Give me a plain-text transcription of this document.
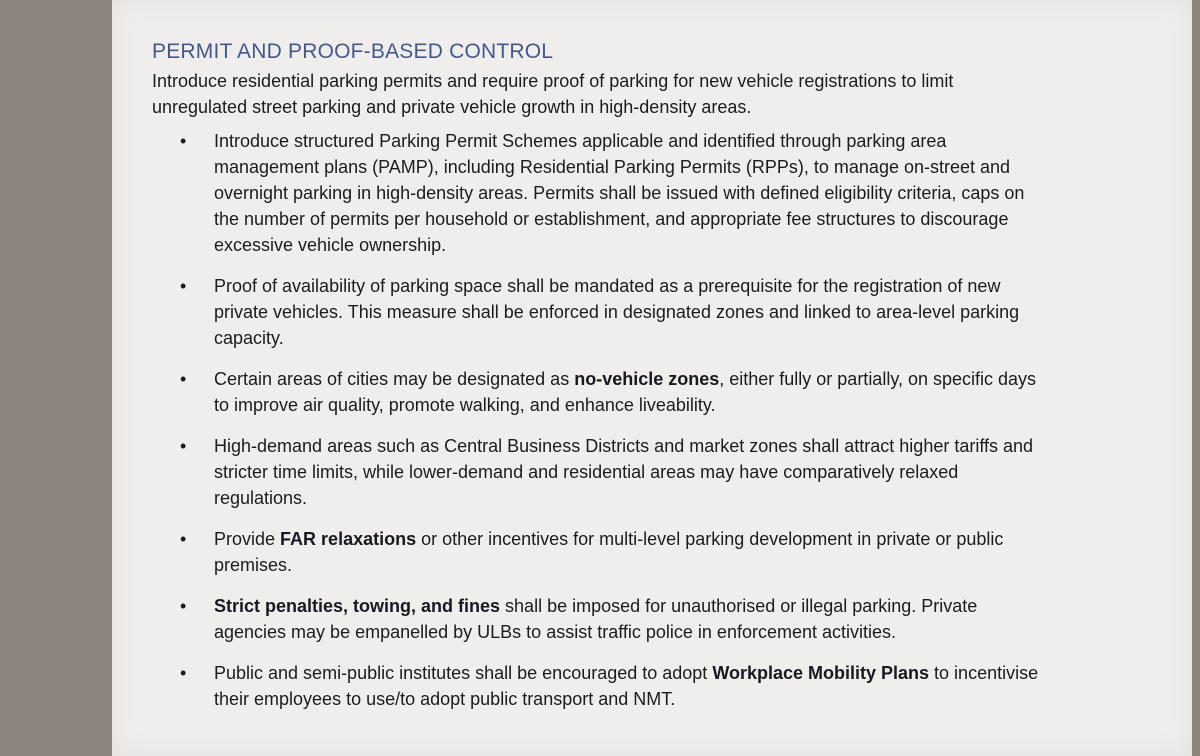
PERMIT AND PROOF-BASED CONTROL

Introduce residential parking permits and require proof of parking for new vehicle registrations to limit unregulated street parking and private vehicle growth in high-density areas.

• Introduce structured Parking Permit Schemes applicable and identified through parking area management plans (PAMP), including Residential Parking Permits (RPPs), to manage on-street and overnight parking in high-density areas. Permits shall be issued with defined eligibility criteria, caps on the number of permits per household or establishment, and appropriate fee structures to discourage excessive vehicle ownership.
• Proof of availability of parking space shall be mandated as a prerequisite for the registration of new private vehicles. This measure shall be enforced in designated zones and linked to area-level parking capacity.
• Certain areas of cities may be designated as no-vehicle zones, either fully or partially, on specific days to improve air quality, promote walking, and enhance liveability.
• High-demand areas such as Central Business Districts and market zones shall attract higher tariffs and stricter time limits, while lower-demand and residential areas may have comparatively relaxed regulations.
• Provide FAR relaxations or other incentives for multi-level parking development in private or public premises.
• Strict penalties, towing, and fines shall be imposed for unauthorised or illegal parking. Private agencies may be empanelled by ULBs to assist traffic police in enforcement activities.
• Public and semi-public institutes shall be encouraged to adopt Workplace Mobility Plans to incentivise their employees to use/to adopt public transport and NMT.
